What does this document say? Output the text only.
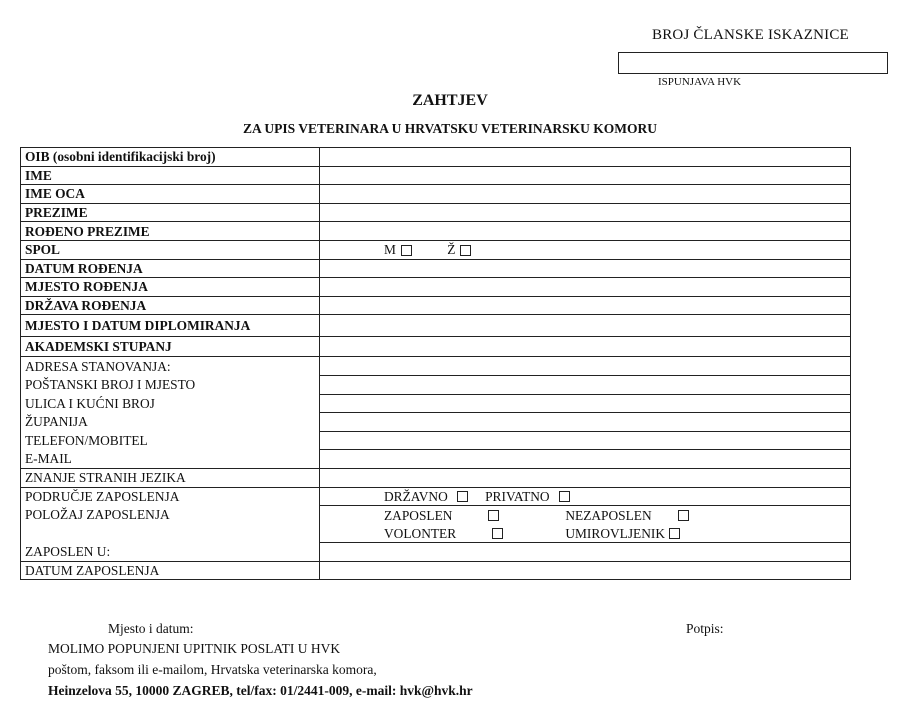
BROJ ČLANSKE ISKAZNICE
ISPUNJAVA HVK
ZAHTJEV
ZA UPIS VETERINARA U HRVATSKU VETERINARSKU KOMORU
OIB (osobni identifikacijski broj)	
IME	
IME OCA	
PREZIME	
ROĐENO PREZIME	
SPOL	M Ž
DATUM ROĐENJA	
MJESTO ROĐENJA	
DRŽAVA ROĐENJA	
MJESTO I DATUM DIPLOMIRANJA	
AKADEMSKI STUPANJ	
ADRESA STANOVANJA:	
POŠTANSKI BROJ I MJESTO	
ULICA I KUĆNI BROJ	
ŽUPANIJA	
TELEFON/MOBITEL	
E-MAIL	
ZNANJE STRANIH JEZIKA	
PODRUČJE ZAPOSLENJA	DRŽAVNO PRIVATNO
POLOŽAJ ZAPOSLENJA	ZAPOSLEN NEZAPOSLEN
	VOLONTER UMIROVLJENIK
ZAPOSLEN U:	
DATUM ZAPOSLENJA	
Mjesto i datum:	Potpis:
MOLIMO POPUNJENI UPITNIK POSLATI U HVK
poštom, faksom ili e-mailom, Hrvatska veterinarska komora,
Heinzelova 55, 10000 ZAGREB, tel/fax: 01/2441-009, e-mail: hvk@hvk.hr
